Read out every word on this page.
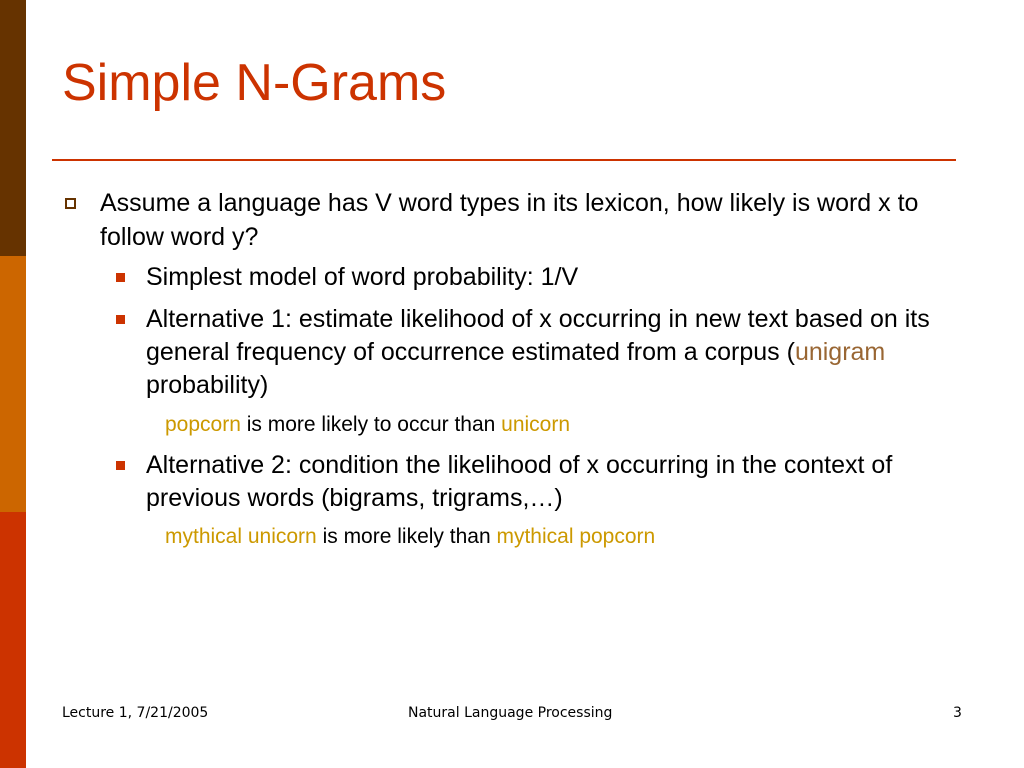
Simple N-Grams
Assume a language has V word types in its lexicon, how likely is word x to follow word y?
Simplest model of word probability: 1/V
Alternative 1: estimate likelihood of x occurring in new text based on its general frequency of occurrence estimated from a corpus (unigram probability)
popcorn is more likely to occur than unicorn
Alternative 2: condition the likelihood of x occurring in the context of previous words (bigrams, trigrams,…)
mythical unicorn is more likely than mythical popcorn
Lecture 1, 7/21/2005	Natural Language Processing	3
